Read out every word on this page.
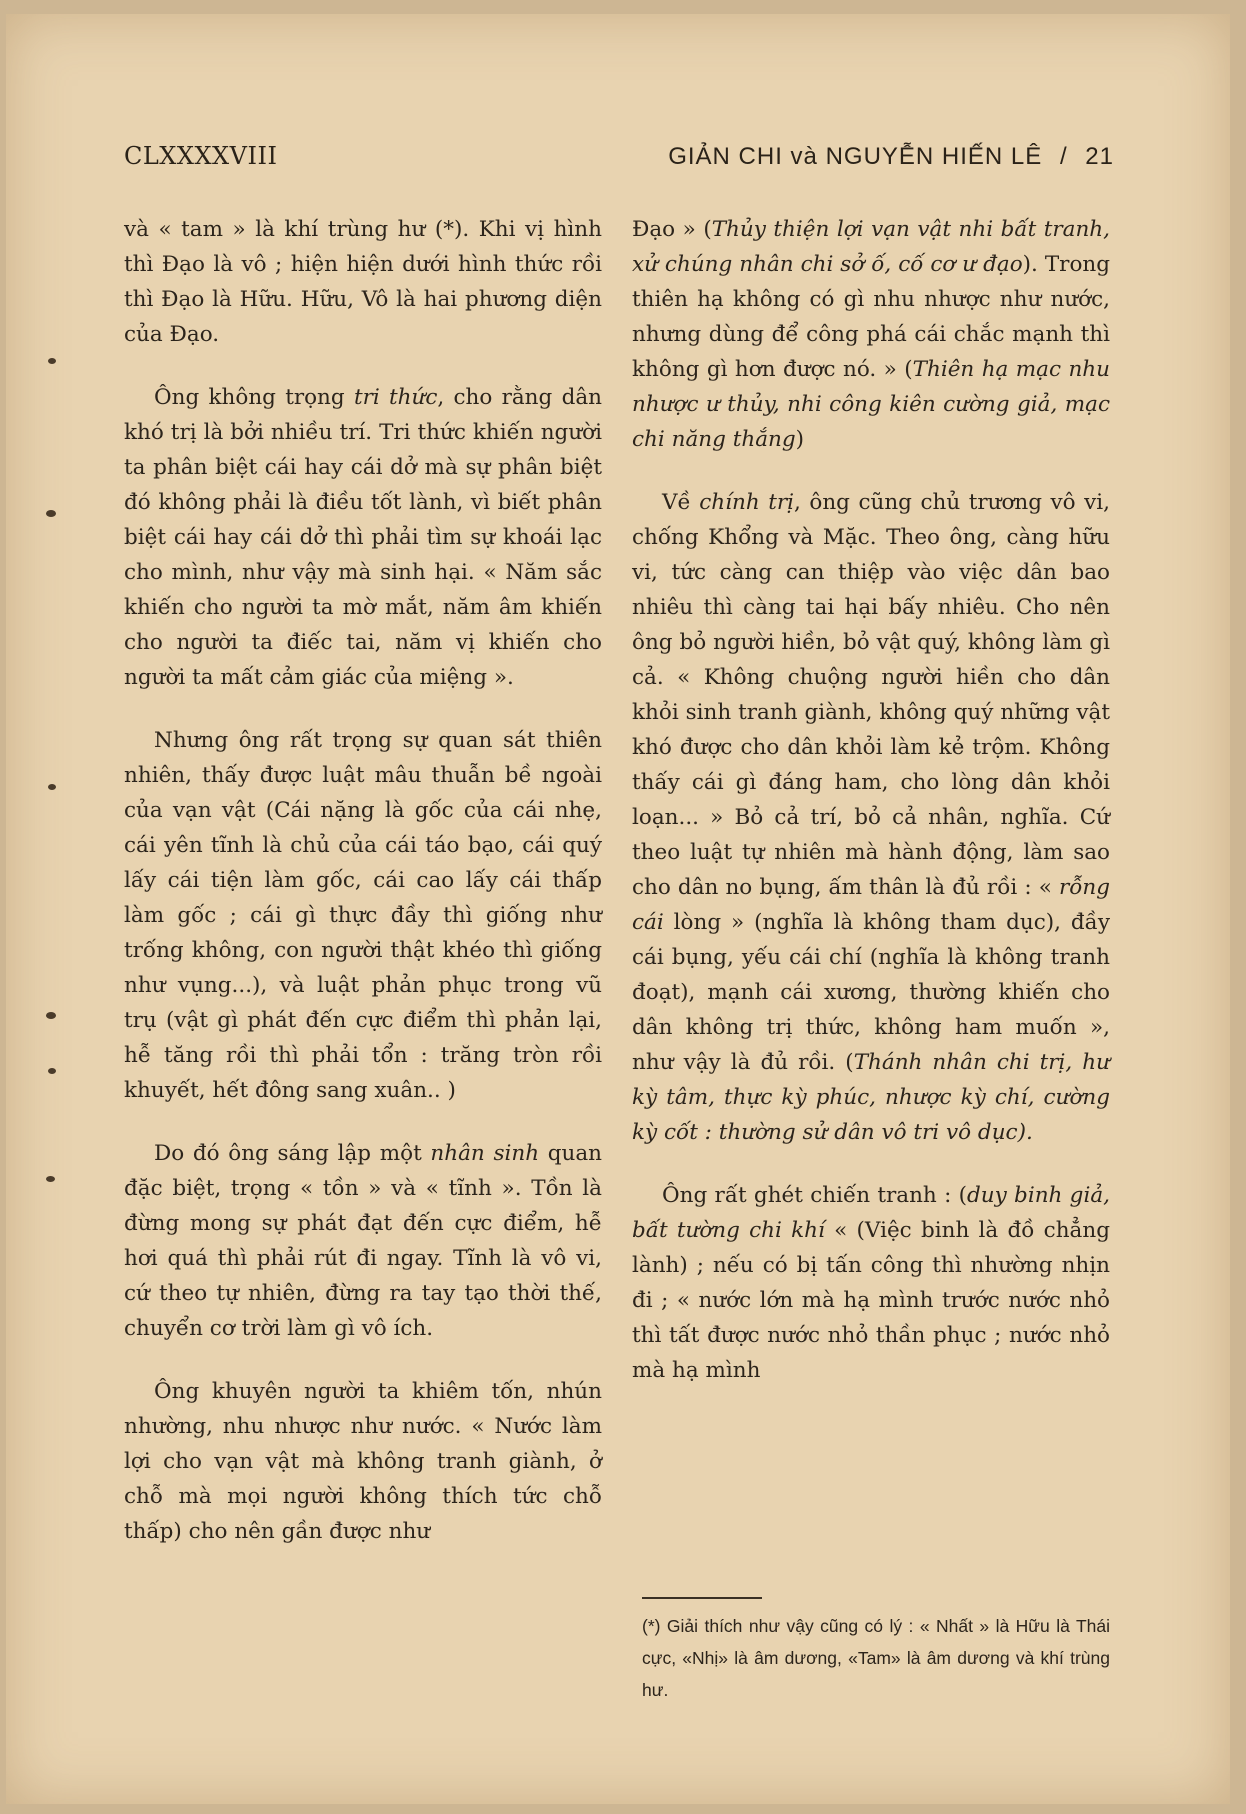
CLXXXXVIII	GIẢN CHI và NGUYỄN HIẾN LÊ / 21

và « tam » là khí trùng hư (*). Khi vị hình thì Đạo là vô ; hiện hiện dưới hình thức rồi thì Đạo là Hữu. Hữu, Vô là hai phương diện của Đạo.

Ông không trọng tri thức, cho rằng dân khó trị là bởi nhiều trí. Tri thức khiến người ta phân biệt cái hay cái dở mà sự phân biệt đó không phải là điều tốt lành, vì biết phân biệt cái hay cái dở thì phải tìm sự khoái lạc cho mình, như vậy mà sinh hại. « Năm sắc khiến cho người ta mờ mắt, năm âm khiến cho người ta điếc tai, năm vị khiến cho người ta mất cảm giác của miệng ».

Nhưng ông rất trọng sự quan sát thiên nhiên, thấy được luật mâu thuẫn bề ngoài của vạn vật (Cái nặng là gốc của cái nhẹ, cái yên tĩnh là chủ của cái táo bạo, cái quý lấy cái tiện làm gốc, cái cao lấy cái thấp làm gốc ; cái gì thực đầy thì giống như trống không, con người thật khéo thì giống như vụng...), và luật phản phục trong vũ trụ (vật gì phát đến cực điểm thì phản lại, hễ tăng rồi thì phải tổn : trăng tròn rồi khuyết, hết đông sang xuân.. )

Do đó ông sáng lập một nhân sinh quan đặc biệt, trọng « tồn » và « tĩnh ». Tồn là đừng mong sự phát đạt đến cực điểm, hễ hơi quá thì phải rút đi ngay. Tĩnh là vô vi, cứ theo tự nhiên, đừng ra tay tạo thời thế, chuyển cơ trời làm gì vô ích.

Ông khuyên người ta khiêm tốn, nhún nhường, nhu nhược như nước. « Nước làm lợi cho vạn vật mà không tranh giành, ở chỗ mà mọi người không thích tức chỗ thấp) cho nên gần được như

Đạo » (Thủy thiện lợi vạn vật nhi bất tranh, xử chúng nhân chi sở ố, cố cơ ư đạo). Trong thiên hạ không có gì nhu nhược như nước, nhưng dùng để công phá cái chắc mạnh thì không gì hơn được nó. » (Thiên hạ mạc nhu nhược ư thủy, nhi công kiên cường giả, mạc chi năng thắng)

Về chính trị, ông cũng chủ trương vô vi, chống Khổng và Mặc. Theo ông, càng hữu vi, tức càng can thiệp vào việc dân bao nhiêu thì càng tai hại bấy nhiêu. Cho nên ông bỏ người hiền, bỏ vật quý, không làm gì cả. « Không chuộng người hiền cho dân khỏi sinh tranh giành, không quý những vật khó được cho dân khỏi làm kẻ trộm. Không thấy cái gì đáng ham, cho lòng dân khỏi loạn... » Bỏ cả trí, bỏ cả nhân, nghĩa. Cứ theo luật tự nhiên mà hành động, làm sao cho dân no bụng, ấm thân là đủ rồi : « rỗng cái lòng » (nghĩa là không tham dục), đầy cái bụng, yếu cái chí (nghĩa là không tranh đoạt), mạnh cái xương, thường khiến cho dân không trị thức, không ham muốn », như vậy là đủ rồi. (Thánh nhân chi trị, hư kỳ tâm, thực kỳ phúc, nhược kỳ chí, cường kỳ cốt : thường sử dân vô tri vô dục).

Ông rất ghét chiến tranh : (duy binh giả, bất tường chi khí « (Việc binh là đồ chẳng lành) ; nếu có bị tấn công thì nhường nhịn đi ; « nước lớn mà hạ mình trước nước nhỏ thì tất được nước nhỏ thần phục ; nước nhỏ mà hạ mình

(*) Giải thích như vậy cũng có lý : « Nhất » là Hữu là Thái cực, «Nhị» là âm dương, «Tam» là âm dương và khí trùng hư.
